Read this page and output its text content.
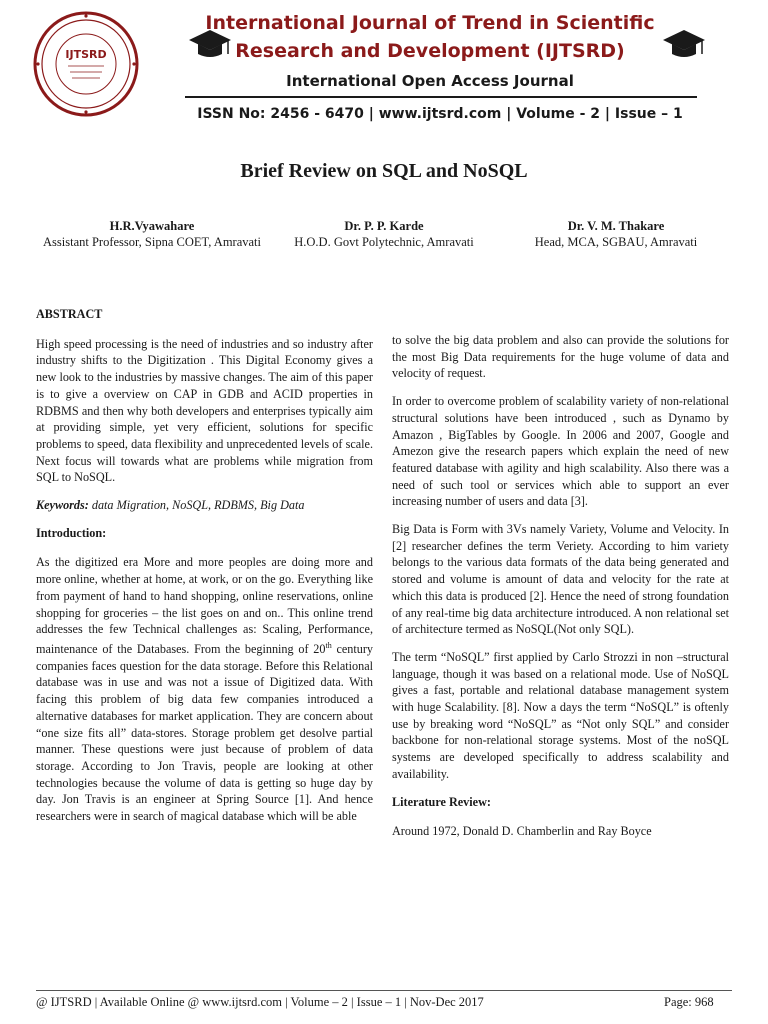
IJTSRD
International Journal of Trend in Scientific
Research and Development (IJTSRD)
International Open Access Journal
ISSN No: 2456 - 6470 | www.ijtsrd.com | Volume - 2 | Issue – 1
Brief Review on SQL and NoSQL
H.R.Vyawahare
Assistant Professor, Sipna COET, Amravati
Dr. P. P. Karde
H.O.D. Govt Polytechnic, Amravati
Dr. V. M. Thakare
Head, MCA, SGBAU, Amravati

ABSTRACT

High speed processing is the need of industries and so industry after industry shifts to the Digitization . This Digital Economy gives a new look to the industries by massive changes. The aim of this paper is to give a overview on CAP in GDB and ACID properties in RDBMS and then why both developers and enterprises typically aim at providing simple, yet very efficient, solutions for specific problems to speed, data flexibility and unprecedented levels of scale. Next focus will towards what are problems while migration from SQL to NoSQL.

Keywords: data Migration, NoSQL, RDBMS, Big Data

Introduction:

As the digitized era More and more peoples are doing more and more online, whether at home, at work, or on the go. Everything like from payment of hand to hand shopping, online reservations, online shopping for groceries – the list goes on and on.. This online trend addresses the few Technical challenges as: Scaling, Performance, maintenance of the Databases. From the beginning of 20th century companies faces question for the data storage. Before this Relational database was in use and was not a issue of Digitized data. With facing this problem of big data few companies introduced a alternative databases for market application. They are concern about “one size fits all” data-stores. Storage problem get desolve partial manner. These questions were just because of problem of data storage. According to Jon Travis, people are looking at other technologies because the volume of data is getting so huge day by day. Jon Travis is an engineer at Spring Source [1]. And hence researchers were in search of magical database which will be able

to solve the big data problem and also can provide the solutions for the most Big Data requirements for the huge volume of data and velocity of request.

In order to overcome problem of scalability variety of non-relational structural solutions have been introduced , such as Dynamo by Amazon , BigTables by Google. In 2006 and 2007, Google and Amezon give the research papers which explain the need of new featured database with agility and high scalability. Also there was a need of such tool or services which able to support an ever increasing number of users and data [3].

Big Data is Form with 3Vs namely Variety, Volume and Velocity. In [2] researcher defines the term Veriety. According to him variety belongs to the various data formats of the data being generated and stored and volume is amount of data and velocity for the rate at which this data is produced [2]. Hence the need of strong foundation of any real-time big data architecture introduced. A non relational set of architecture termed as NoSQL(Not only SQL).

The term “NoSQL” first applied by Carlo Strozzi in non –structural language, though it was based on a relational mode. Use of NoSQL gives a fast, portable and relational database management system with huge Scalability. [8]. Now a days the term “NoSQL” is oftenly use by breaking word “NoSQL” as “Not only SQL” and consider backbone for non-relational storage systems. Most of the noSQL systems are developed specifically to address scalability and availability.

Literature Review:

Around 1972, Donald D. Chamberlin and Ray Boyce

@ IJTSRD | Available Online @ www.ijtsrd.com | Volume – 2 | Issue – 1 | Nov-Dec 2017	Page: 968
